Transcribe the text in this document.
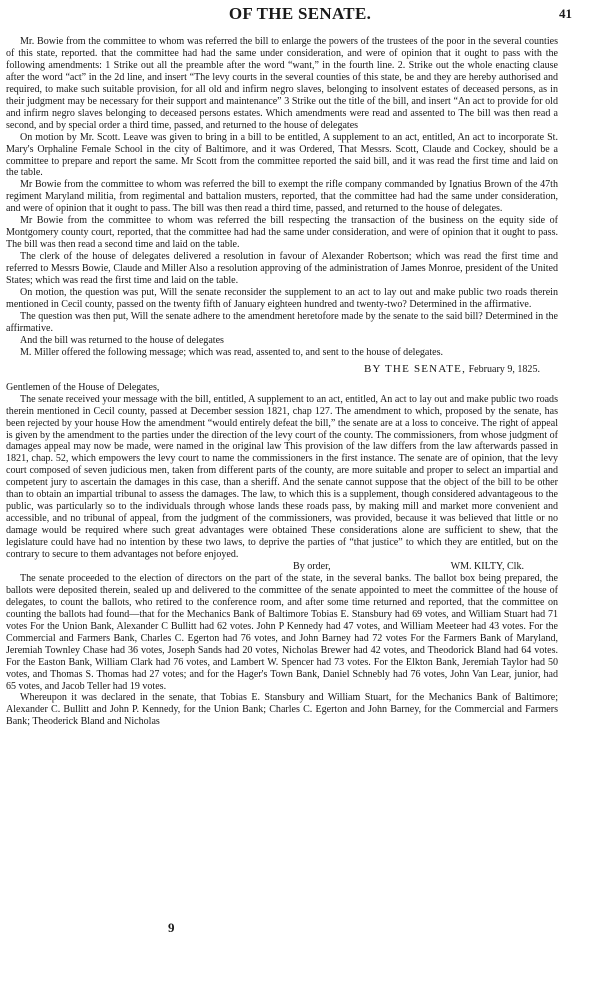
OF THE SENATE.	41

Mr. Bowie from the committee to whom was referred the bill to enlarge the powers of the trustees of the poor in the several counties of this state, reported. that the committee had had the same under consideration, and were of opinion that it ought to pass with the following amendments: 1 Strike out all the preamble after the word “want,” in the fourth line. 2. Strike out the whole enacting clause after the word “act” in the 2d line, and insert “The levy courts in the several counties of this state, be and they are hereby authorised and required, to make such suitable provision, for all old and infirm negro slaves, belonging to insolvent estates of deceased persons, as in their judgment may be necessary for their support and maintenance” 3 Strike out the title of the bill, and insert “An act to provide for old and infirm negro slaves belonging to deceased persons estates. Which amendments were read and assented to The bill was then read a second, and by special order a third time, passed, and returned to the house of delegates

On motion by Mr. Scott. Leave was given to bring in a bill to be entitled, A supplement to an act, entitled, An act to incorporate St. Mary's Orphaline Female School in the city of Baltimore, and it was Ordered, That Messrs. Scott, Claude and Cockey, should be a committee to prepare and report the same. Mr Scott from the committee reported the said bill, and it was read the first time and laid on the table.

Mr Bowie from the committee to whom was referred the bill to exempt the rifle company commanded by Ignatius Brown of the 47th regiment Maryland militia, from regimental and battalion musters, reported, that the committee had had the same under consideration, and were of opinion that it ought to pass. The bill was then read a third time, passed, and returned to the house of delegates.

Mr Bowie from the committee to whom was referred the bill respecting the transaction of the business on the equity side of Montgomery county court, reported, that the committee had had the same under consideration, and were of opinion that it ought to pass. The bill was then read a second time and laid on the table.

The clerk of the house of delegates delivered a resolution in favour of Alexander Robertson; which was read the first time and referred to Messrs Bowie, Claude and Miller Also a resolution approving of the administration of James Monroe, president of the United States; which was read the first time and laid on the table.

On motion, the question was put, Will the senate reconsider the supplement to an act to lay out and make public two roads therein mentioned in Cecil county, passed on the twenty fifth of January eighteen hundred and twenty-two? Determined in the affirmative.

The question was then put, Will the senate adhere to the amendment heretofore made by the senate to the said bill? Determined in the affirmative.

And the bill was returned to the house of delegates

M. Miller offered the following message; which was read, assented to, and sent to the house of delegates.

BY THE SENATE, February 9, 1825.

Gentlemen of the House of Delegates,

The senate received your message with the bill, entitled, A supplement to an act, entitled, An act to lay out and make public two roads therein mentioned in Cecil county, passed at December session 1821, chap 127. The amendment to which, proposed by the senate, has been rejected by your house How the amendment “would entirely defeat the bill,” the senate are at a loss to conceive. The right of appeal is given by the amendment to the parties under the direction of the levy court of the county. The commissioners, from whose judgment of damages appeal may now be made, were named in the original law This provision of the law differs from the law afterwards passed in 1821, chap. 52, which empowers the levy court to name the commissioners in the first instance. The senate are of opinion, that the levy court composed of seven judicious men, taken from different parts of the county, are more suitable and proper to select an impartial and competent jury to ascertain the damages in this case, than a sheriff. And the senate cannot suppose that the object of the bill to be other than to obtain an impartial tribunal to assess the damages. The law, to which this is a supplement, though considered advantageous to the public, was particularly so to the individuals through whose lands these roads pass, by making mill and market more convenient and accessible, and no tribunal of appeal, from the judgment of the commissioners, was provided, because it was believed that little or no damage would be required where such great advantages were obtained These considerations alone are sufficient to shew, that the legislature could have had no intention by these two laws, to deprive the parties of “that justice” to which they are entitled, but on the contrary to secure to them advantages not before enjoyed.

By order,	WM. KILTY, Clk.

The senate proceeded to the election of directors on the part of the state, in the several banks. The ballot box being prepared, the ballots were deposited therein, sealed up and delivered to the committee of the senate appointed to meet the committee of the house of delegates, to count the ballots, who retired to the conference room, and after some time returned and reported, that the committee on counting the ballots had found—that for the Mechanics Bank of Baltimore Tobias E. Stansbury had 69 votes, and William Stuart had 71 votes For the Union Bank, Alexander C Bullitt had 62 votes. John P Kennedy had 47 votes, and William Meeteer had 43 votes. For the Commercial and Farmers Bank, Charles C. Egerton had 76 votes, and John Barney had 72 votes For the Farmers Bank of Maryland, Jeremiah Townley Chase had 36 votes, Joseph Sands had 20 votes, Nicholas Brewer had 42 votes, and Theodorick Bland had 64 votes. For the Easton Bank, William Clark had 76 votes, and Lambert W. Spencer had 73 votes. For the Elkton Bank, Jeremiah Taylor had 50 votes, and Thomas S. Thomas had 27 votes; and for the Hager's Town Bank, Daniel Schnebly had 76 votes, John Van Lear, junior, had 65 votes, and Jacob Teller had 19 votes.

Whereupon it was declared in the senate, that Tobias E. Stansbury and William Stuart, for the Mechanics Bank of Baltimore; Alexander C. Bullitt and John P. Kennedy, for the Union Bank; Charles C. Egerton and John Barney, for the Commercial and Farmers Bank; Theoderick Bland and Nicholas

9
